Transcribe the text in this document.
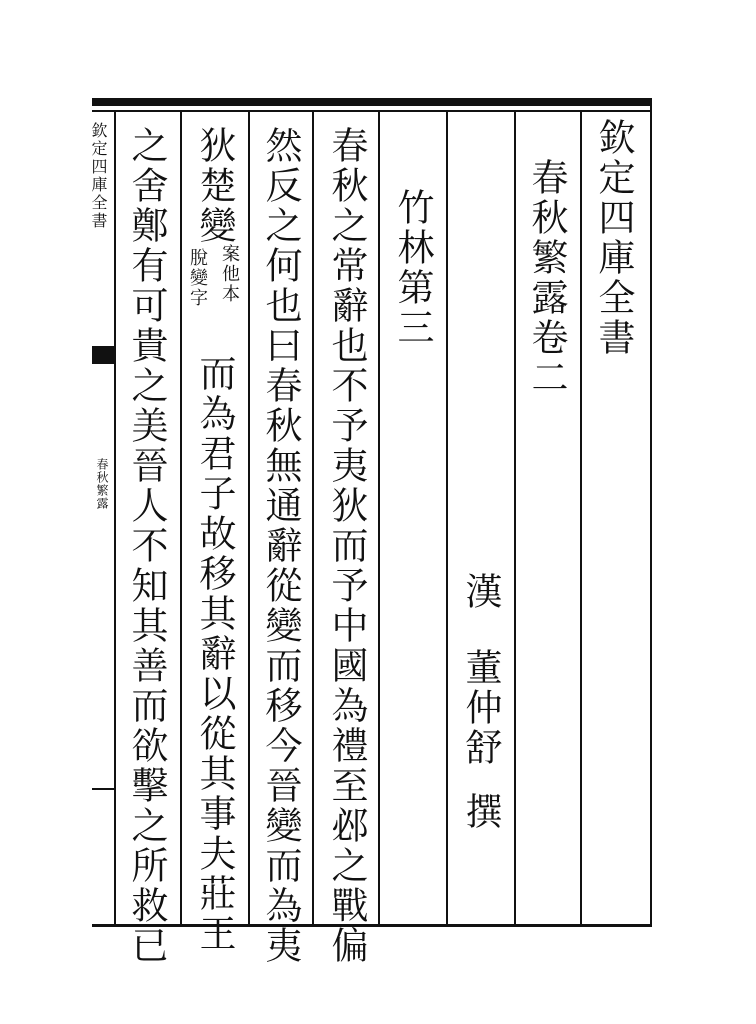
欽定四庫全書
春秋繁露
欽定四庫全書
春秋繁露卷二
漢
董仲舒
撰
竹林第三
春秋之常辭也不予夷狄而予中國為禮至邲之戰偏
然反之何也曰春秋無通辭從變而移今晉變而為夷
狄楚變
案他本
脫變字
而為君子故移其辭以從其事夫莊王
之舍鄭有可貴之美晉人不知其善而欲擊之所救已
